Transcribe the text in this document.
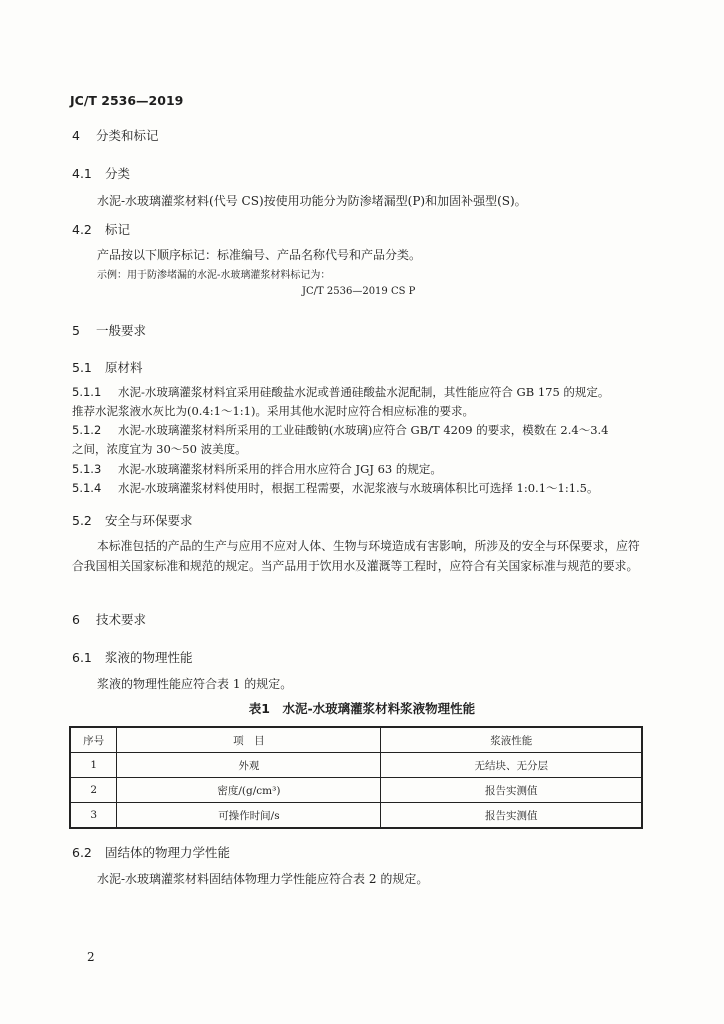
JC/T 2536—2019
4 分类和标记
4.1 分类
水泥-水玻璃灌浆材料(代号 CS)按使用功能分为防渗堵漏型(P)和加固补强型(S)。
4.2 标记
产品按以下顺序标记：标准编号、产品名称代号和产品分类。
示例：用于防渗堵漏的水泥-水玻璃灌浆材料标记为：
JC/T 2536—2019 CS P
5 一般要求
5.1 原材料
5.1.1 水泥-水玻璃灌浆材料宜采用硅酸盐水泥或普通硅酸盐水泥配制，其性能应符合 GB 175 的规定。
推荐水泥浆液水灰比为(0.4:1～1:1)。采用其他水泥时应符合相应标准的要求。
5.1.2 水泥-水玻璃灌浆材料所采用的工业硅酸钠(水玻璃)应符合 GB/T 4209 的要求，模数在 2.4～3.4
之间，浓度宜为 30～50 波美度。
5.1.3 水泥-水玻璃灌浆材料所采用的拌合用水应符合 JGJ 63 的规定。
5.1.4 水泥-水玻璃灌浆材料使用时，根据工程需要，水泥浆液与水玻璃体积比可选择 1:0.1～1:1.5。
5.2 安全与环保要求
本标准包括的产品的生产与应用不应对人体、生物与环境造成有害影响，所涉及的安全与环保要求，应符合我国相关国家标准和规范的规定。当产品用于饮用水及灌溉等工程时，应符合有关国家标准与规范的要求。
6 技术要求
6.1 浆液的物理性能
浆液的物理性能应符合表 1 的规定。
表1　水泥-水玻璃灌浆材料浆液物理性能
序号	项　目	浆液性能
1	外观	无结块、无分层
2	密度/(g/cm³)	报告实测值
3	可操作时间/s	报告实测值
6.2 固结体的物理力学性能
水泥-水玻璃灌浆材料固结体物理力学性能应符合表 2 的规定。
2
